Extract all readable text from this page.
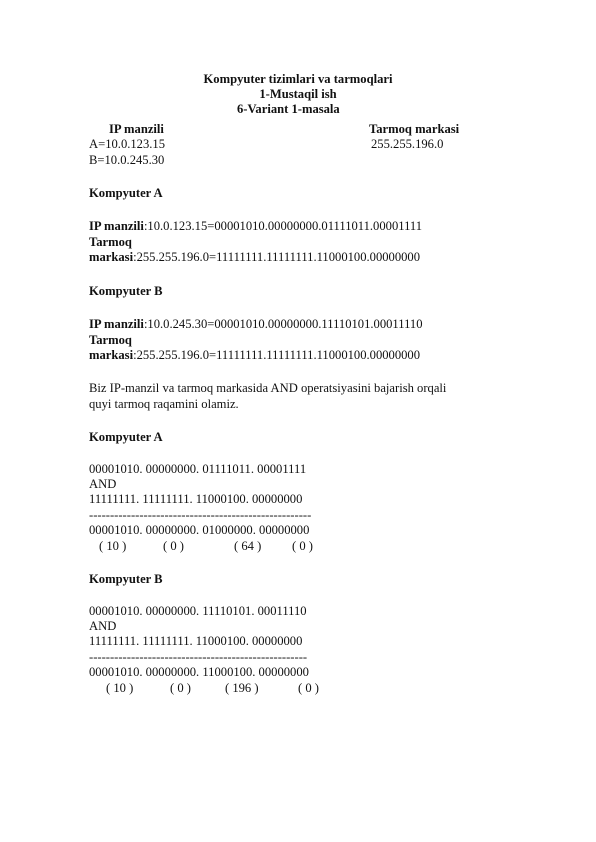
Kompyuter tizimlari va tarmoqlari
1-Mustaqil ish
6-Variant 1-masala
IP manzili	Tarmoq markasi
A=10.0.123.15	255.255.196.0
B=10.0.245.30
Kompyuter A
IP manzili:10.0.123.15=00001010.00000000.01111011.00001111
Tarmoq
markasi:255.255.196.0=11111111.11111111.11000100.00000000
Kompyuter B
IP manzili:10.0.245.30=00001010.00000000.11110101.00011110
Tarmoq
markasi:255.255.196.0=11111111.11111111.11000100.00000000
Biz IP-manzil va tarmoq markasida AND operatsiyasini bajarish orqali
quyi tarmoq raqamini olamiz.
Kompyuter A
00001010. 00000000. 01111011. 00001111
AND
11111111. 11111111. 11000100. 00000000
-----------------------------------------------------
00001010. 00000000. 01000000. 00000000
( 10 )	( 0 )	( 64 ) ( 0 )
Kompyuter B
00001010. 00000000. 11110101. 00011110
AND
11111111. 11111111. 11000100. 00000000
----------------------------------------------------
00001010. 00000000. 11000100. 00000000
( 10 )	( 0 )	( 196 )	( 0 )
